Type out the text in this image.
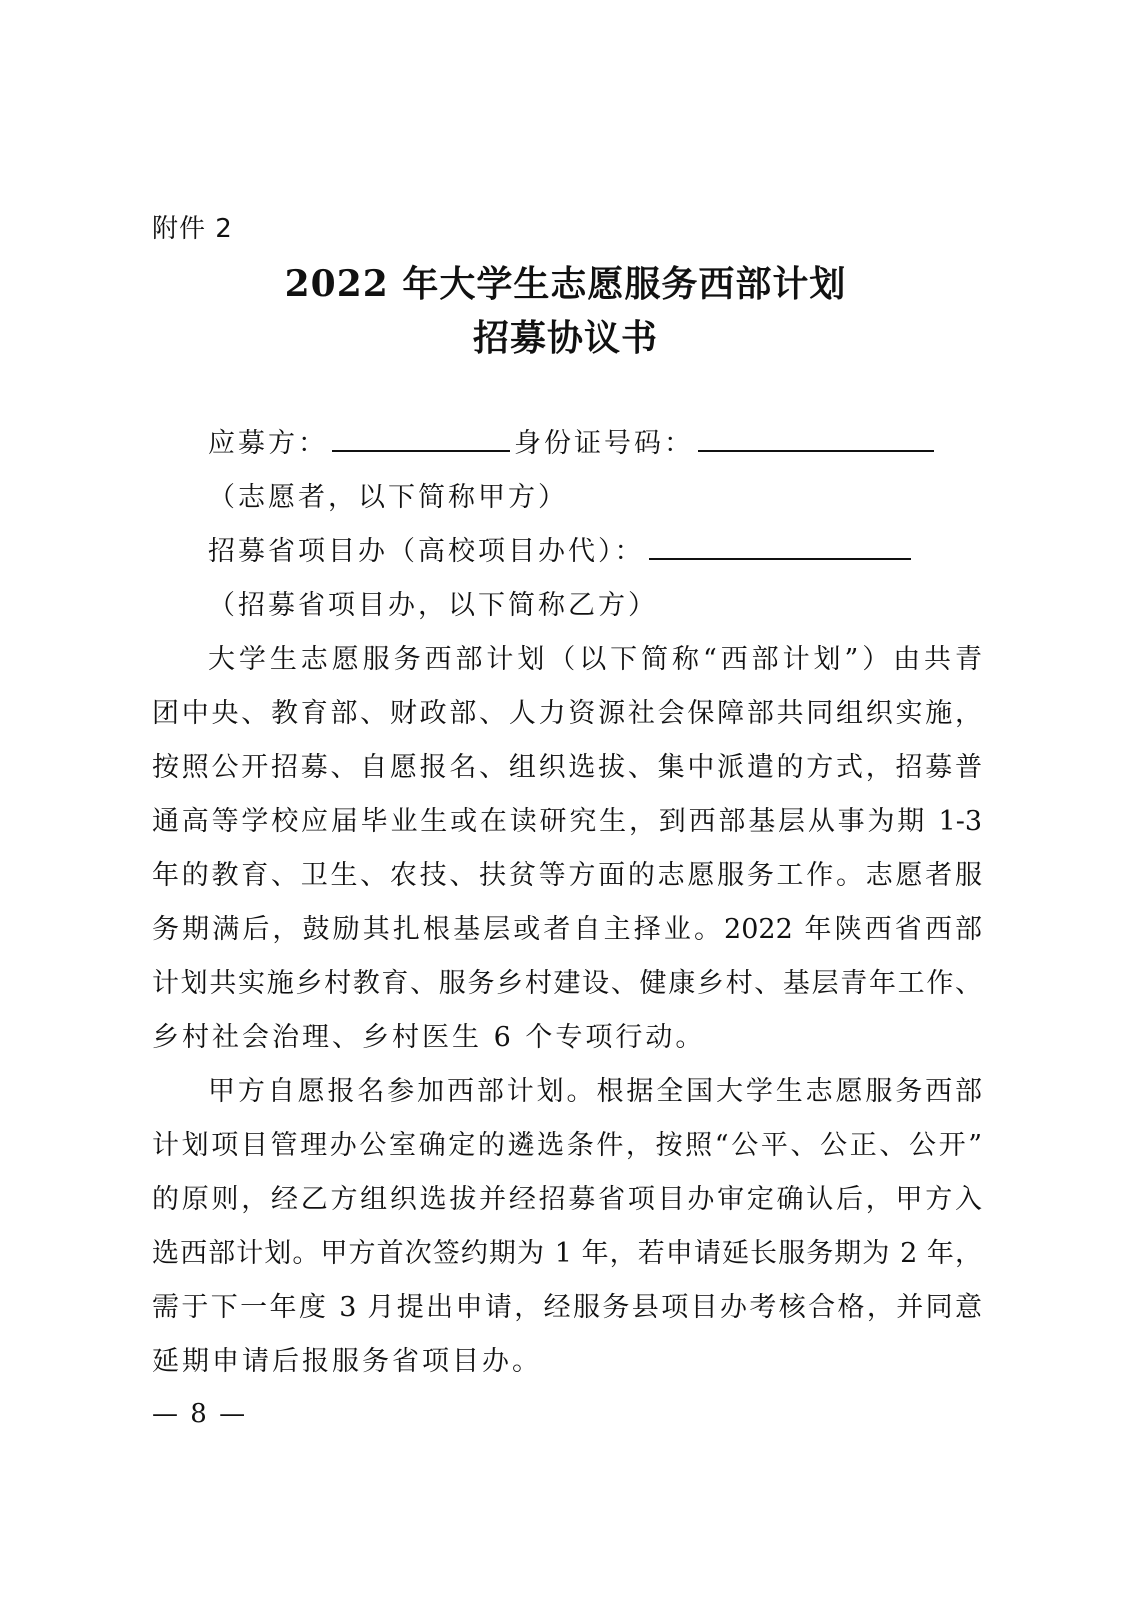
附件 2
2022 年大学生志愿服务西部计划
招募协议书
应募方：	身份证号码：
（志愿者，以下简称甲方）
招募省项目办（高校项目办代）：
（招募省项目办，以下简称乙方）
大学生志愿服务西部计划（以下简称“西部计划”）由共青
团中央、教育部、财政部、人力资源社会保障部共同组织实施，
按照公开招募、自愿报名、组织选拔、集中派遣的方式，招募普
通高等学校应届毕业生或在读研究生，到西部基层从事为期 1-3
年的教育、卫生、农技、扶贫等方面的志愿服务工作。志愿者服
务期满后，鼓励其扎根基层或者自主择业。2022 年陕西省西部
计划共实施乡村教育、服务乡村建设、健康乡村、基层青年工作、
乡村社会治理、乡村医生 6 个专项行动。
甲方自愿报名参加西部计划。根据全国大学生志愿服务西部
计划项目管理办公室确定的遴选条件，按照“公平、公正、公开”
的原则，经乙方组织选拔并经招募省项目办审定确认后，甲方入
选西部计划。甲方首次签约期为 1 年，若申请延长服务期为 2 年，
需于下一年度 3 月提出申请，经服务县项目办考核合格，并同意
延期申请后报服务省项目办。
— 8 —
